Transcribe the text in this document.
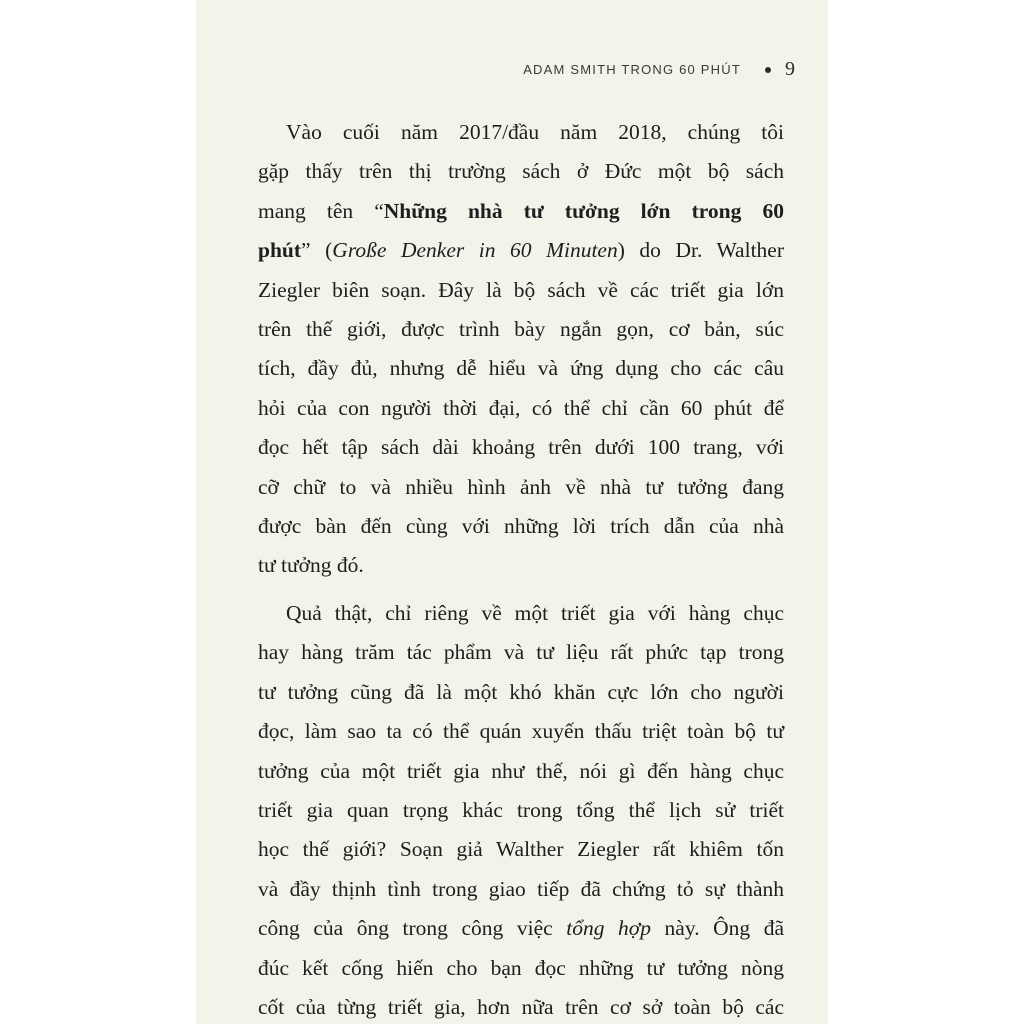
ADAM SMITH TRONG 60 PHÚT 9

Vào cuối năm 2017/đầu năm 2018, chúng tôi
gặp thấy trên thị trường sách ở Đức một bộ sách
mang tên “Những nhà tư tưởng lớn trong 60
phút” (Große Denker in 60 Minuten) do Dr. Walther
Ziegler biên soạn. Đây là bộ sách về các triết gia lớn
trên thế giới, được trình bày ngắn gọn, cơ bản, súc
tích, đầy đủ, nhưng dễ hiểu và ứng dụng cho các câu
hỏi của con người thời đại, có thể chỉ cần 60 phút để
đọc hết tập sách dài khoảng trên dưới 100 trang, với
cỡ chữ to và nhiều hình ảnh về nhà tư tưởng đang
được bàn đến cùng với những lời trích dẫn của nhà
tư tưởng đó.

Quả thật, chỉ riêng về một triết gia với hàng chục
hay hàng trăm tác phẩm và tư liệu rất phức tạp trong
tư tưởng cũng đã là một khó khăn cực lớn cho người
đọc, làm sao ta có thể quán xuyến thấu triệt toàn bộ tư
tưởng của một triết gia như thế, nói gì đến hàng chục
triết gia quan trọng khác trong tổng thể lịch sử triết
học thế giới? Soạn giả Walther Ziegler rất khiêm tốn
và đầy thịnh tình trong giao tiếp đã chứng tỏ sự thành
công của ông trong công việc tổng hợp này. Ông đã
đúc kết cống hiến cho bạn đọc những tư tưởng nòng
cốt của từng triết gia, hơn nữa trên cơ sở toàn bộ các
